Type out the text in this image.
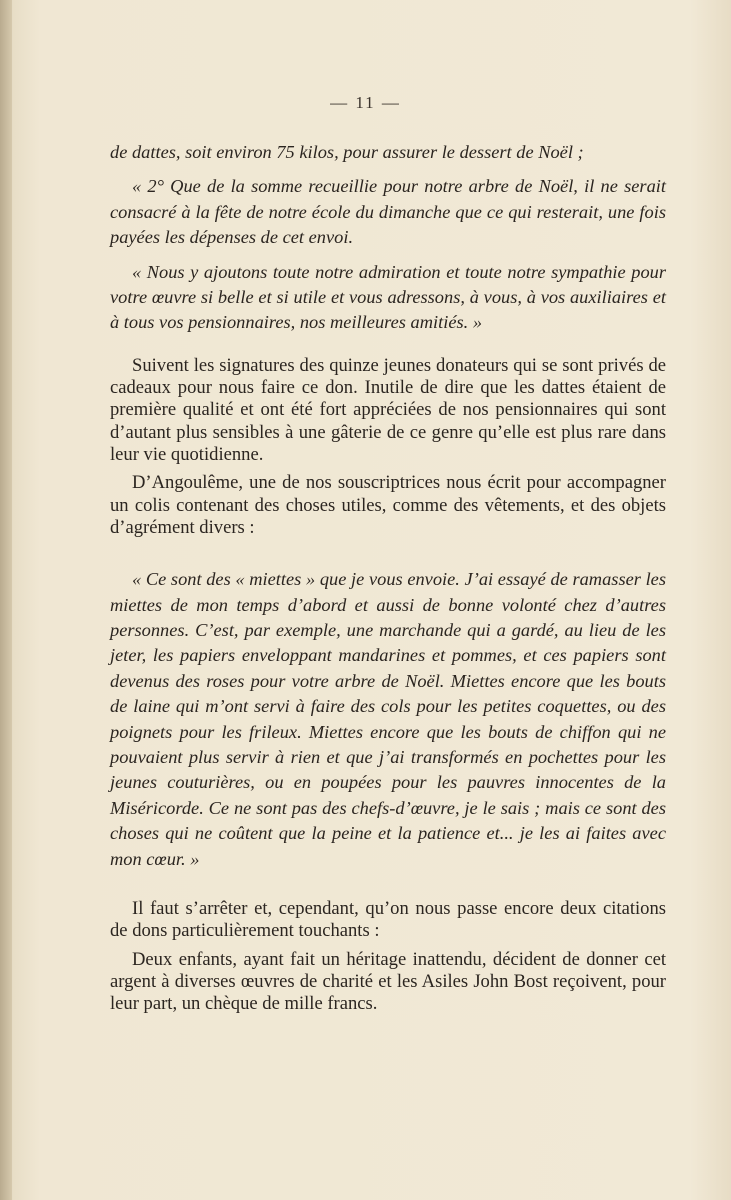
— 11 —

de dattes, soit environ 75 kilos, pour assurer le dessert de Noël ;

« 2° Que de la somme recueillie pour notre arbre de Noël, il ne serait consacré à la fête de notre école du dimanche que ce qui resterait, une fois payées les dépenses de cet envoi.

« Nous y ajoutons toute notre admiration et toute notre sympathie pour votre œuvre si belle et si utile et vous adressons, à vous, à vos auxiliaires et à tous vos pensionnaires, nos meilleures amitiés. »

Suivent les signatures des quinze jeunes donateurs qui se sont privés de cadeaux pour nous faire ce don. Inutile de dire que les dattes étaient de première qualité et ont été fort appréciées de nos pensionnaires qui sont d’autant plus sensibles à une gâterie de ce genre qu’elle est plus rare dans leur vie quotidienne.

D’Angoulême, une de nos souscriptrices nous écrit pour accompagner un colis contenant des choses utiles, comme des vêtements, et des objets d’agrément divers :

« Ce sont des « miettes » que je vous envoie. J’ai essayé de ramasser les miettes de mon temps d’abord et aussi de bonne volonté chez d’autres personnes. C’est, par exemple, une marchande qui a gardé, au lieu de les jeter, les papiers enveloppant mandarines et pommes, et ces papiers sont devenus des roses pour votre arbre de Noël. Miettes encore que les bouts de laine qui m’ont servi à faire des cols pour les petites coquettes, ou des poignets pour les frileux. Miettes encore que les bouts de chiffon qui ne pouvaient plus servir à rien et que j’ai transformés en pochettes pour les jeunes couturières, ou en poupées pour les pauvres innocentes de la Miséricorde. Ce ne sont pas des chefs-d’œuvre, je le sais ; mais ce sont des choses qui ne coûtent que la peine et la patience et... je les ai faites avec mon cœur. »

Il faut s’arrêter et, cependant, qu’on nous passe encore deux citations de dons particulièrement touchants :

Deux enfants, ayant fait un héritage inattendu, décident de donner cet argent à diverses œuvres de charité et les Asiles John Bost reçoivent, pour leur part, un chèque de mille francs.
